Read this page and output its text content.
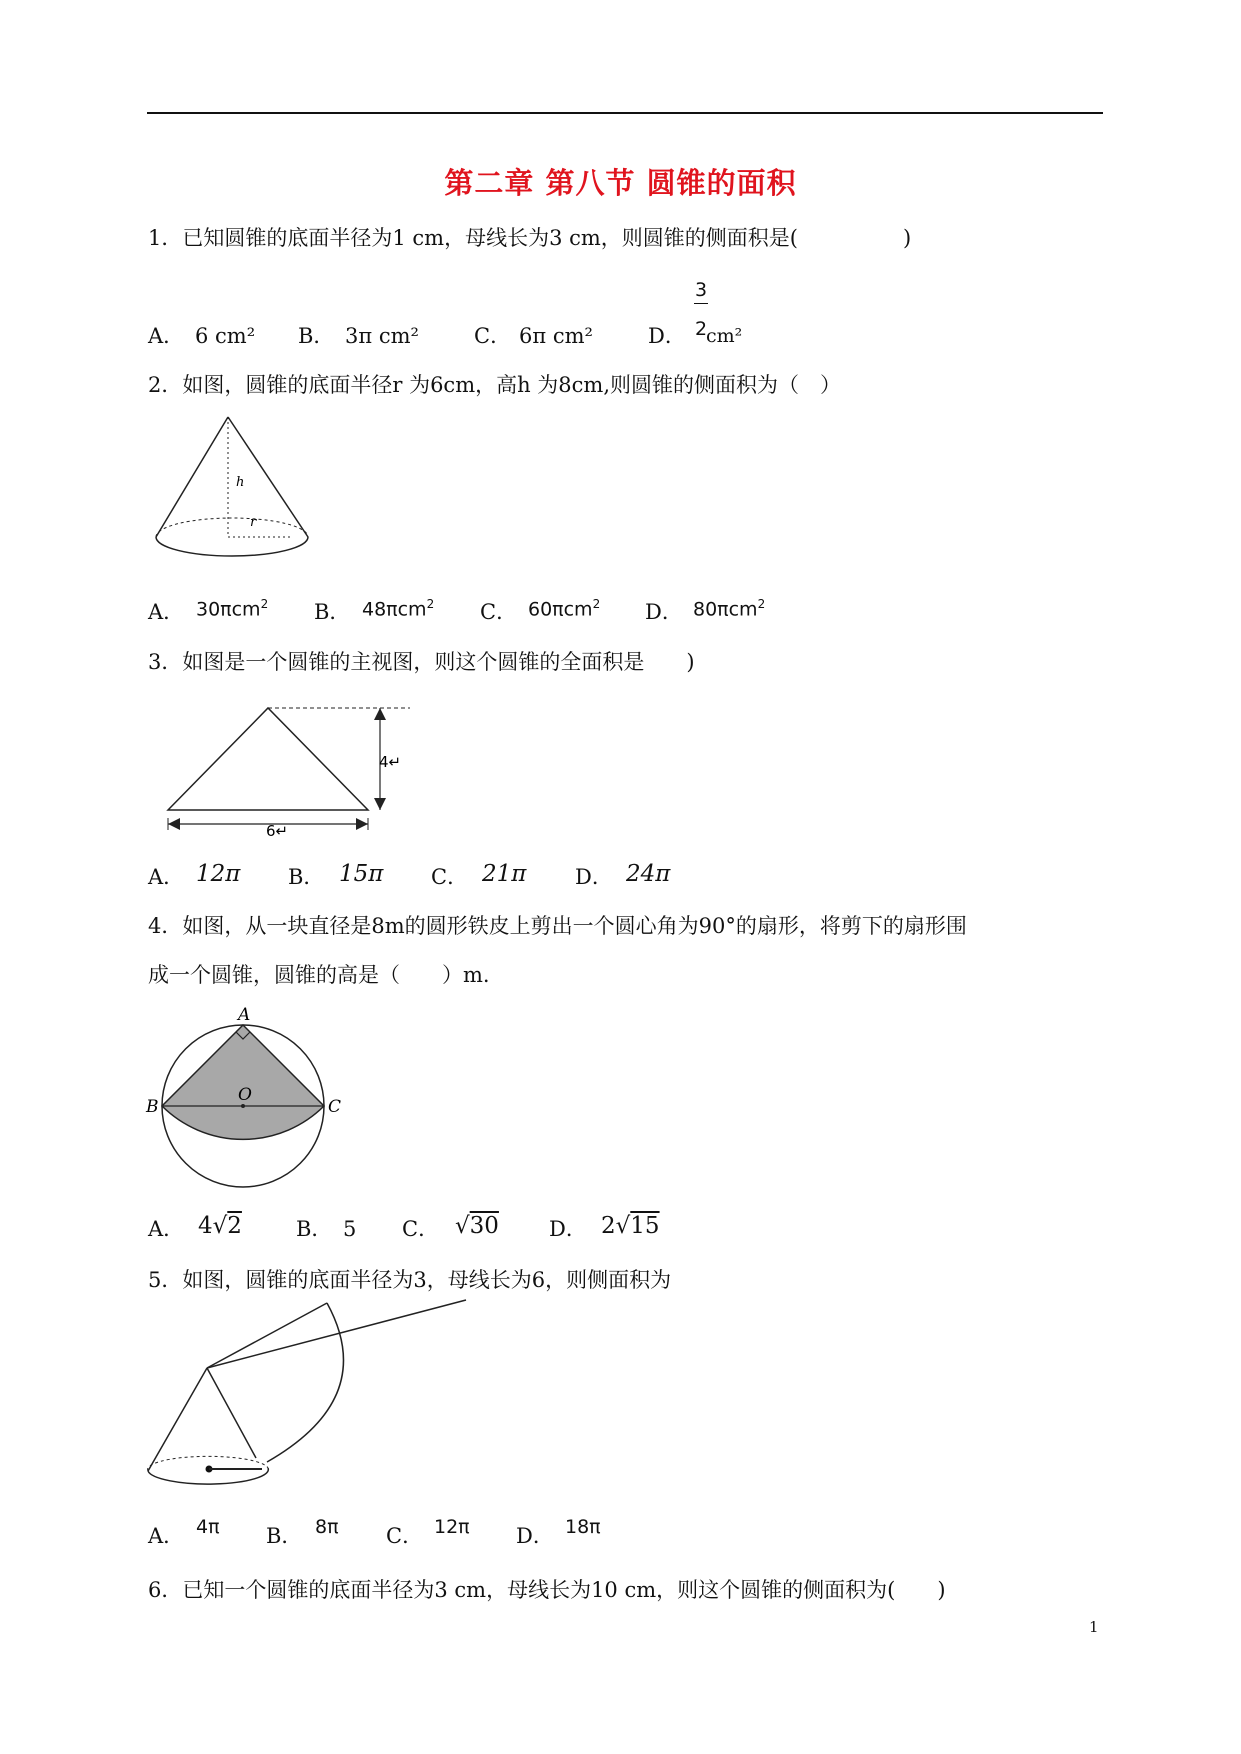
第二章 第八节 圆锥的面积
1．已知圆锥的底面半径为1 cm，母线长为3 cm，则圆锥的侧面积是(　　　　　)
A． 6 cm² B． 3π cm²	C． 6π cm²	D．
3
2
cm²
2．如图，圆锥的底面半径r 为6cm，高h 为8cm,则圆锥的侧面积为（　）
h
r
A． 30πcm$^2$ B． 48πcm$^2$ C． 60πcm$^2$ D． 80πcm$^2$
3．如图是一个圆锥的主视图，则这个圆锥的全面积是　　)
4↵
6↵
A． 12π B． 15π C． 21π D． 24π
4．如图，从一块直径是8m的圆形铁皮上剪出一个圆心角为90°的扇形，将剪下的扇形围
成一个圆锥，圆锥的高是（　　）m.
A
B	C
O
A． 4√2	B． 5 C． √30 D． 2√15
5．如图，圆锥的底面半径为3，母线长为6，则侧面积为
A． 4π B． 8π C． 12π D． 18π
6．已知一个圆锥的底面半径为3 cm，母线长为10 cm，则这个圆锥的侧面积为(　　)
1
